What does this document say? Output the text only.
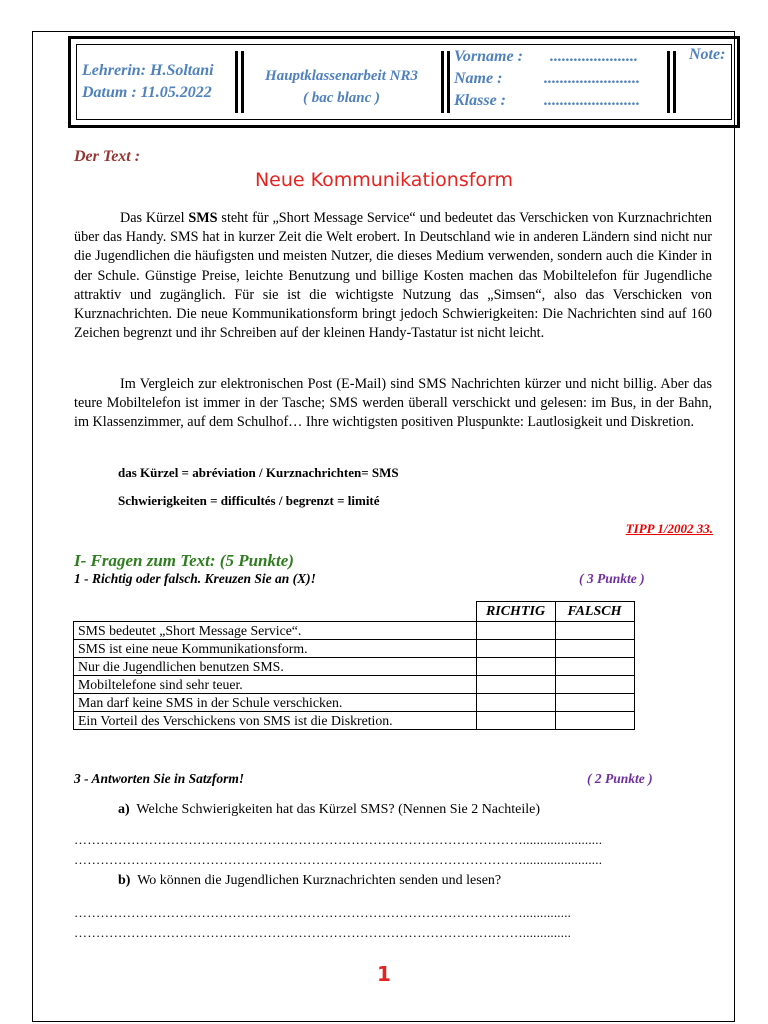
Lehrerin: H.Soltani
Datum : 11.05.2022
Hauptklassenarbeit NR3
( bac blanc )
Vorname : ......................
Name :	........................
Klasse : ........................
Note:
Der Text :
Neue Kommunikationsform

Das Kürzel SMS steht für „Short Message Service“ und bedeutet das Verschicken von Kurznachrichten über das Handy. SMS hat in kurzer Zeit die Welt erobert. In Deutschland wie in anderen Ländern sind nicht nur die Jugendlichen die häufigsten und meisten Nutzer, die dieses Medium verwenden, sondern auch die Kinder in der Schule. Günstige Preise, leichte Benutzung und billige Kosten machen das Mobiltelefon für Jugendliche attraktiv und zugänglich. Für sie ist die wichtigste Nutzung das „Simsen“, also das Verschicken von Kurznachrichten. Die neue Kommunikationsform bringt jedoch Schwierigkeiten: Die Nachrichten sind auf 160 Zeichen begrenzt und ihr Schreiben auf der kleinen Handy-Tastatur ist nicht leicht.

Im Vergleich zur elektronischen Post (E-Mail) sind SMS Nachrichten kürzer und nicht billig. Aber das teure Mobiltelefon ist immer in der Tasche; SMS werden überall verschickt und gelesen: im Bus, in der Bahn, im Klassenzimmer, auf dem Schulhof… Ihre wichtigsten positiven Pluspunkte: Lautlosigkeit und Diskretion.

das Kürzel = abréviation / Kurznachrichten= SMS
Schwierigkeiten = difficultés / begrenzt = limité
TIPP 1/2002 33.
I- Fragen zum Text: (5 Punkte)
1 - Richtig oder falsch. Kreuzen Sie an (X)!	( 3 Punkte )
	RICHTIG	FALSCH
SMS bedeutet „Short Message Service“.		
SMS ist eine neue Kommunikationsform.		
Nur die Jugendlichen benutzen SMS.		
Mobiltelefone sind sehr teuer.		
Man darf keine SMS in der Schule verschicken.		
Ein Vorteil des Verschickens von SMS ist die Diskretion.		
3 - Antworten Sie in Satzform!	( 2 Punkte )
a) Welche Schwierigkeiten hat das Kürzel SMS? (Nennen Sie 2 Nachteile)
………………………………………………………………………………………….......................
………………………………………………………………………………………….......................
b) Wo können die Jugendlichen Kurznachrichten senden und lesen?
…………………………………………………………………………………………..............
…………………………………………………………………………………………..............
1
